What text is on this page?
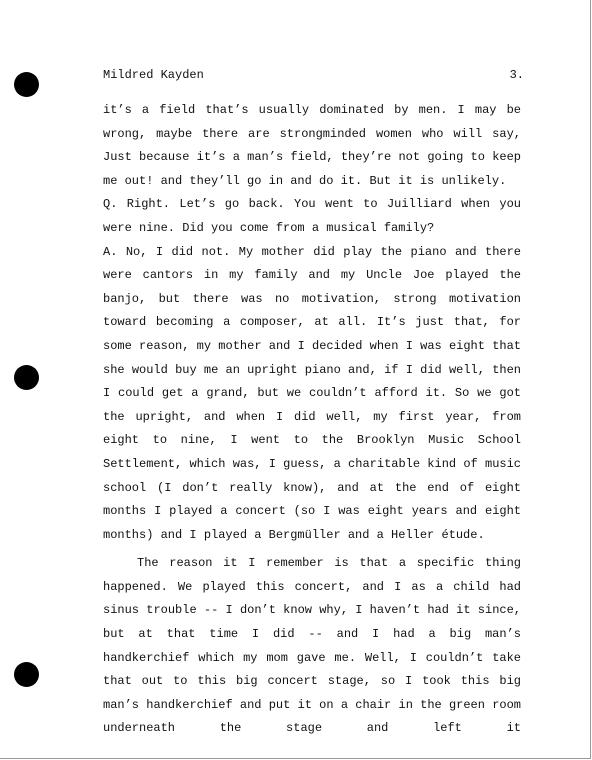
Mildred Kayden	3.

it’s a field that’s usually dominated by men. I may be wrong, maybe there are strongminded women who will say, Just because it’s a man’s field, they’re not going to keep me out! and they’ll go in and do it. But it is unlikely.

Q. Right. Let’s go back. You went to Juilliard when you were nine. Did you come from a musical family?

A. No, I did not. My mother did play the piano and there were cantors in my family and my Uncle Joe played the banjo, but there was no motivation, strong motivation toward becoming a composer, at all. It’s just that, for some reason, my mother and I decided when I was eight that she would buy me an upright piano and, if I did well, then I could get a grand, but we couldn’t afford it. So we got the upright, and when I did well, my first year, from eight to nine, I went to the Brooklyn Music School Settlement, which was, I guess, a charitable kind of music school (I don’t really know), and at the end of eight months I played a concert (so I was eight years and eight months) and I played a Bergmüller and a Heller étude.

The reason it I remember is that a specific thing happened. We played this concert, and I as a child had sinus trouble -- I don’t know why, I haven’t had it since, but at that time I did -- and I had a big man’s handkerchief which my mom gave me. Well, I couldn’t take that out to this big concert stage, so I took this big man’s handkerchief and put it on a chair in the green room underneath the stage and left it
